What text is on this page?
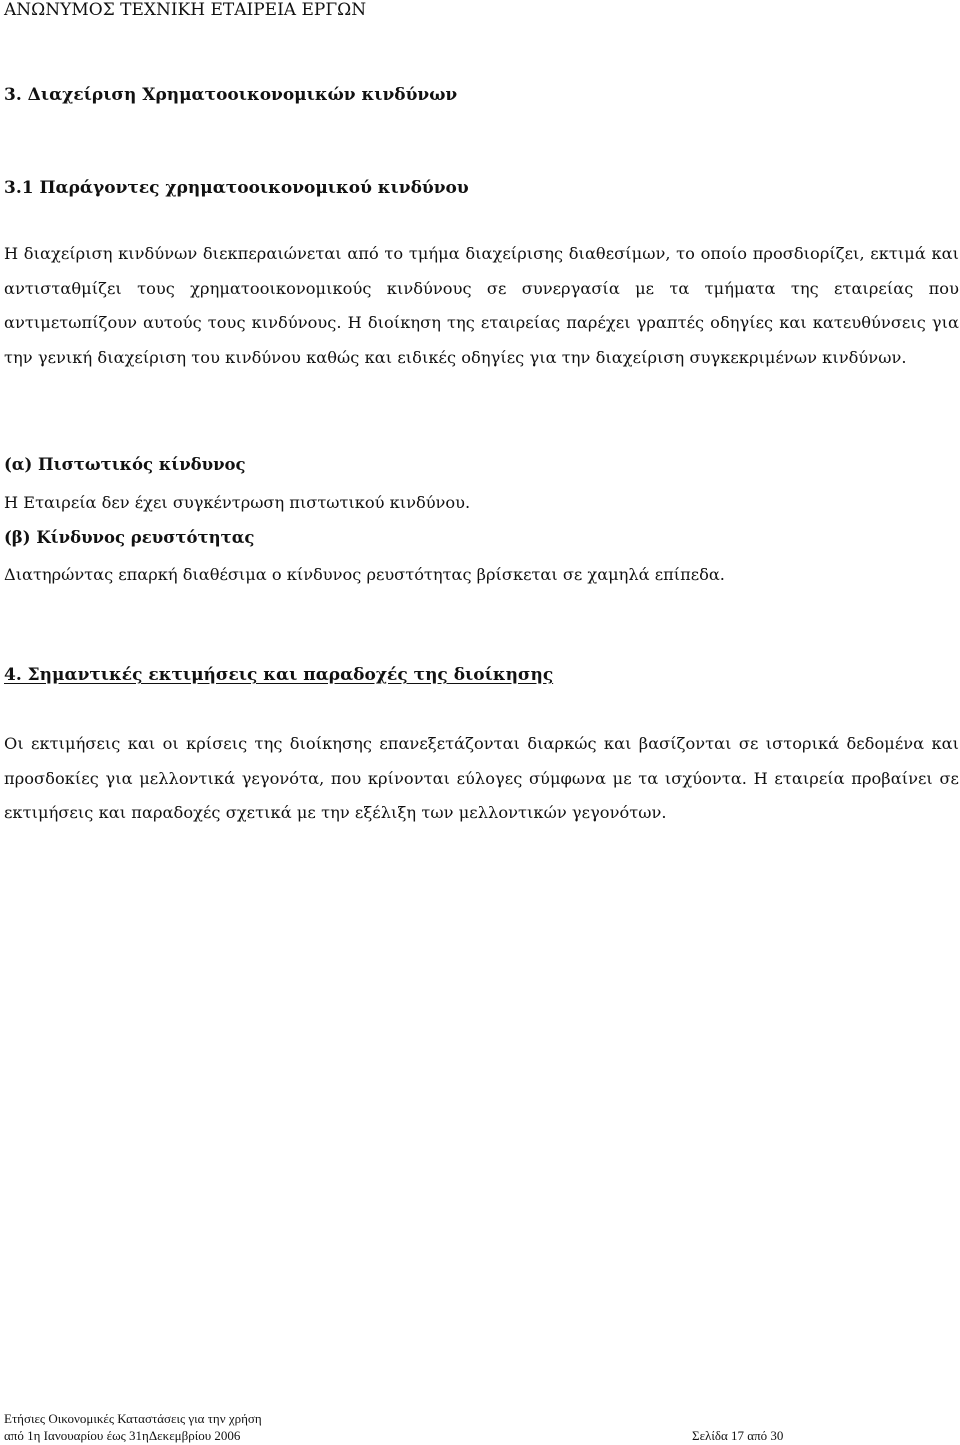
ΑΝΩΝΥΜΟΣ ΤΕΧΝΙΚΗ ΕΤΑΙΡΕΙΑ ΕΡΓΩΝ
3. Διαχείριση Χρηματοοικονομικών κινδύνων
3.1 Παράγοντες χρηματοοικονομικού κινδύνου
Η διαχείριση κινδύνων διεκπεραιώνεται από το τμήμα διαχείρισης διαθεσίμων, το οποίο προσδιορίζει, εκτιμά και αντισταθμίζει τους χρηματοοικονομικούς κινδύνους σε συνεργασία με τα τμήματα της εταιρείας που αντιμετωπίζουν αυτούς τους κινδύνους. Η διοίκηση της εταιρείας παρέχει γραπτές οδηγίες και κατευθύνσεις για την γενική διαχείριση του κινδύνου καθώς και ειδικές οδηγίες για την διαχείριση συγκεκριμένων κινδύνων.
(α) Πιστωτικός κίνδυνος
Η Εταιρεία δεν έχει συγκέντρωση πιστωτικού κινδύνου.
(β) Κίνδυνος ρευστότητας
Διατηρώντας επαρκή διαθέσιμα ο κίνδυνος ρευστότητας βρίσκεται σε χαμηλά επίπεδα.
4. Σημαντικές εκτιμήσεις και παραδοχές της διοίκησης
Οι εκτιμήσεις και οι κρίσεις της διοίκησης επανεξετάζονται διαρκώς και βασίζονται σε ιστορικά δεδομένα και προσδοκίες για μελλοντικά γεγονότα, που κρίνονται εύλογες σύμφωνα με τα ισχύοντα. Η εταιρεία προβαίνει σε εκτιμήσεις και παραδοχές σχετικά με την εξέλιξη των μελλοντικών γεγονότων.
Ετήσιες Οικονομικές Καταστάσεις για την χρήση
από 1η Ιανουαρίου έως 31ηΔεκεμβρίου 2006	Σελίδα 17 από 30
